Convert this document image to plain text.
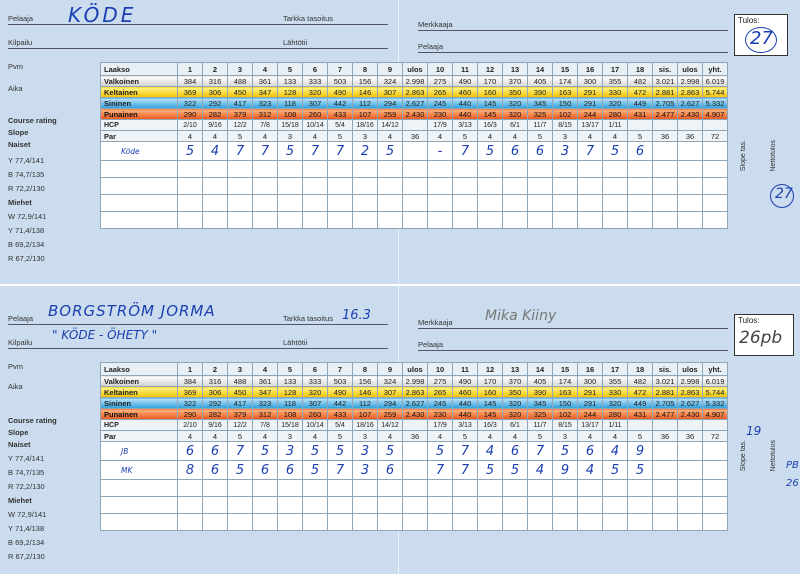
Pelaaja KÖDE	Tarkka tasoitus
Kilpailu	Lähtötii
Pvm
Aika
Merkkaaja
Pelaaja
Tulos:
27
Course rating
Slope
Naiset
Y 77,4/141
B 74,7/135
R 72,2/130
Miehet
W 72,9/141
Y 71,4/138
B 69,2/134
R 67,2/130
Laakso	1	2	3	4	5	6	7	8	9	ulos	10	11	12	13	14	15	16	17	18	sis.	ulos	yht.
Valkoinen	384	316	488	361	133	333	503	156	324	2.998	275	490	170	370	405	174	300	355	482	3.021	2.998	6.019
Keltainen	369	306	450	347	128	320	490	146	307	2.863	265	460	160	350	390	163	291	330	472	2.881	2.863	5.744
Sininen	322	292	417	323	118	307	442	112	294	2.627	245	440	145	320	345	150	291	320	449	2.705	2.627	5.332
Punainen	290	282	379	312	108	260	433	107	259	2.430	230	440	145	320	325	102	244	280	431	2.477	2.430	4.907
HCP	2/10	9/16	12/2	7/8	15/18	10/14	5/4	18/16	14/12		17/9	3/13	16/3	6/1	11/7	8/15	13/17	1/11				
Par	4	4	5	4	3	4	5	3	4	36	4	5	4	4	5	3	4	4	5	36	36	72
Köde	5	4	7	7	5	7	7	2	5		-	7	5	6	6	3	7	5	6			

																							Slope tas.	Nettotulos
27
Pelaaja BORGSTRÖM JORMA	Tarkka tasoitus 16.3
Kilpailu
" KÖDE - ÖHETY "
Lähtötii
Pvm
Aika
Merkkaaja Mika Kiiny
Pelaaja
Tulos:
26pb
Course rating
Slope
Naiset
Y 77,4/141
B 74,7/135
R 72,2/130
Miehet
W 72,9/141
Y 71,4/138
B 69,2/134
R 67,2/130
Laakso	1	2	3	4	5	6	7	8	9	ulos	10	11	12	13	14	15	16	17	18	sis.	ulos	yht.
Valkoinen	384	316	488	361	133	333	503	156	324	2.998	275	490	170	370	405	174	300	355	482	3.021	2.998	6.019
Keltainen	369	306	450	347	128	320	490	146	307	2.863	265	460	160	350	390	163	291	330	472	2.881	2.863	5.744
Sininen	322	292	417	323	118	307	442	112	294	2.627	245	440	145	320	345	150	291	320	449	2.705	2.627	5.332
Punainen	290	282	379	312	108	260	433	107	259	2.430	230	440	145	320	325	102	244	280	431	2.477	2.430	4.907
HCP	2/10	9/16	12/2	7/8	15/18	10/14	5/4	18/16	14/12		17/9	3/13	16/3	6/1	11/7	8/15	13/17	1/11				
Par	4	4	5	4	3	4	5	3	4	36	4	5	4	4	5	3	4	4	5	36	36	72
JB	6	6	7	5	3	5	5	3	5		5	7	4	6	7	5	6	4	9			
MK	8	6	5	6	6	5	7	3	6		7	7	5	5	4	9	4	5	5			

																							Slope tas.
19
Nettotulos PB
26
